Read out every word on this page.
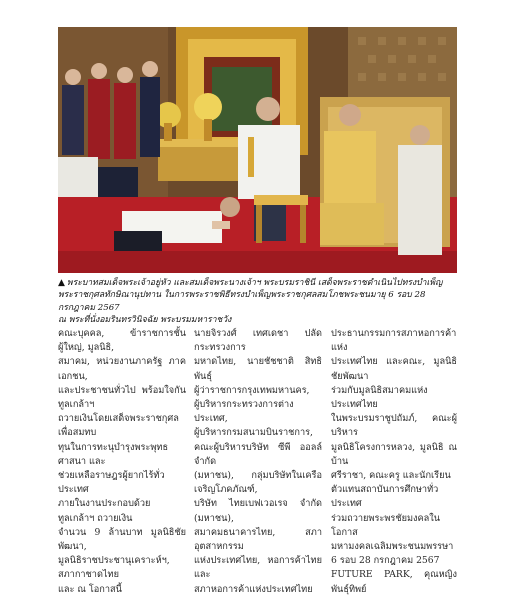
▲ พระบาทสมเด็จพระเจ้าอยู่หัว และสมเด็จพระนางเจ้าฯ พระบรมราชินี เสด็จพระราชดำเนินไปทรงบำเพ็ญ
พระราชกุศลทักษิณานุปทาน ในการพระราชพิธีทรงบำเพ็ญพระราชกุศลสมโภชพระชนมายุ 6 รอบ 28 กรกฎาคม 2567
ณ พระที่นั่งอมรินทรวินิจฉัย พระบรมมหาราชวัง

คณะบุคคล, ข้าราชการชั้นผู้ใหญ่, มูลนิธิ,

สมาคม, หน่วยงานภาครัฐ ภาคเอกชน,

และประชาชนทั่วไป พร้อมใจกันทูลเกล้าฯ

ถวายเงินโดยเสด็จพระราชกุศลเพื่อสมทบ

ทุนในการทะนุบำรุงพระพุทธศาสนา และ

ช่วยเหลือราษฎรผู้ยากไร้ทั่วประเทศ

ภายในงานประกอบด้วย ทูลเกล้าฯ ถวายเงิน

จำนวน 9 ล้านบาท มูลนิธิชัยพัฒนา,

มูลนิธิราชประชานุเคราะห์ฯ, สภากาชาดไทย

และ ณ โอกาสนี้

นายจิรวงศ์ เทศเดชา ปลัดกระทรวงการ

มหาดไทย, นายชัชชาติ สิทธิพันธุ์

ผู้ว่าราชการกรุงเทพมหานคร,

ผู้บริหารกระทรวงการต่างประเทศ,

ผู้บริหารกรมสนามบินราชการ,

คณะผู้บริหารบริษัท ซีพี ออลล์ จำกัด

(มหาชน), กลุ่มบริษัทในเครือเจริญโภคภัณฑ์,

บริษัท ไทยเบฟเวอเรจ จำกัด (มหาชน),

สมาคมธนาคารไทย, สภาอุตสาหกรรม

แห่งประเทศไทย, หอการค้าไทยและ

สภาหอการค้าแห่งประเทศไทย

ประธานกรรมการสภาหอการค้าแห่ง

ประเทศไทย และคณะ, มูลนิธิชัยพัฒนา

ร่วมกับมูลนิธิสมาคมแห่งประเทศไทย

ในพระบรมราชูปถัมภ์, คณะผู้บริหาร

มูลนิธิโครงการหลวง, มูลนิธิ ณ บ้าน

ศรีราชา, คณะครู และนักเรียน

ตัวแทนสถาบันการศึกษาทั่วประเทศ

ร่วมถวายพระพรชัยมงคลในโอกาส

มหามงคลเฉลิมพระชนมพรรษา

6 รอบ 28 กรกฎาคม 2567

FUTURE PARK, คุณหญิงพันธุ์ทิพย์
